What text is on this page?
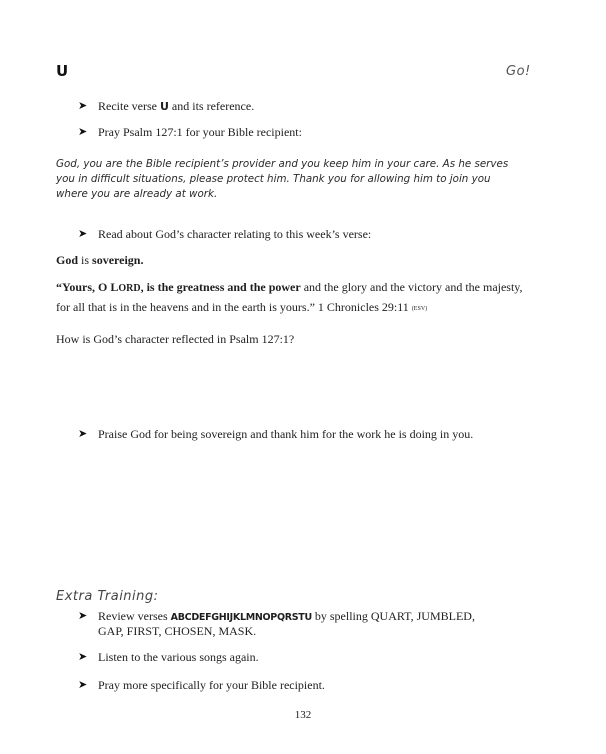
U	Go!
➤ Recite verse U and its reference.
➤ Pray Psalm 127:1 for your Bible recipient:
God, you are the Bible recipient’s provider and you keep him in your care. As he serves
you in difficult situations, please protect him. Thank you for allowing him to join you
where you are already at work.
➤ Read about God’s character relating to this week’s verse:
God is sovereign.
“Yours, O LORD, is the greatness and the power and the glory and the victory and the majesty,
for all that is in the heavens and in the earth is yours.” 1 Chronicles 29:11 (ESV)
How is God’s character reflected in Psalm 127:1?
➤ Praise God for being sovereign and thank him for the work he is doing in you.
Extra Training:
➤ Review verses ABCDEFGHIJKLMNOPQRSTU by spelling QUART, JUMBLED,
GAP, FIRST, CHOSEN, MASK.
➤ Listen to the various songs again.
➤ Pray more specifically for your Bible recipient.
132
